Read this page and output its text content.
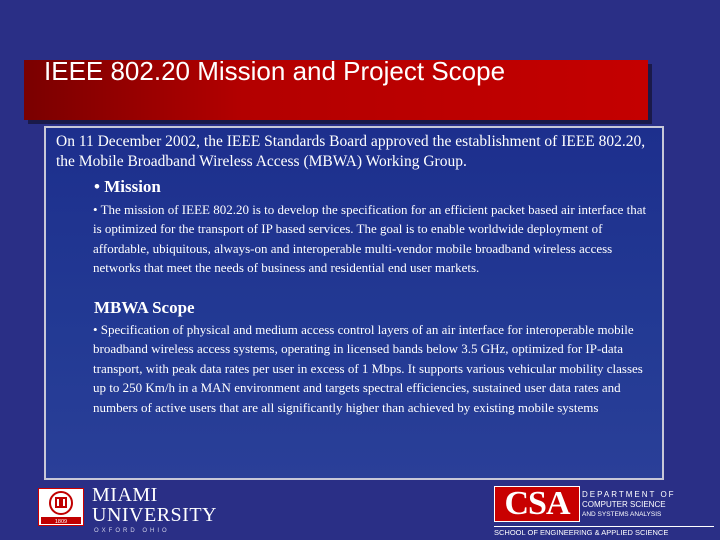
IEEE 802.20 Mission and Project Scope
On 11 December 2002, the IEEE Standards Board approved the establishment of IEEE 802.20, the Mobile Broadband Wireless Access (MBWA) Working Group.
• Mission
• The mission of IEEE 802.20 is to develop the specification for an efficient packet based air interface that is optimized for the transport of IP based services. The goal is to enable worldwide deployment of affordable, ubiquitous, always-on and interoperable multi-vendor mobile broadband wireless access networks that meet the needs of business and residential end user markets.
MBWA Scope
• Specification of physical and medium access control layers of an air interface for interoperable mobile broadband wireless access systems, operating in licensed bands below 3.5 GHz, optimized for IP-data transport, with peak data rates per user in excess of 1 Mbps. It supports various vehicular mobility classes up to 250 Km/h in a MAN environment and targets spectral efficiencies, sustained user data rates and numbers of active users that are all significantly higher than achieved by existing mobile systems
1809
MIAMI
UNIVERSITY
OXFORD OHIO
CSA	DEPARTMENT OF
COMPUTER SCIENCE
AND SYSTEMS ANALYSIS
SCHOOL OF ENGINEERING & APPLIED SCIENCE
